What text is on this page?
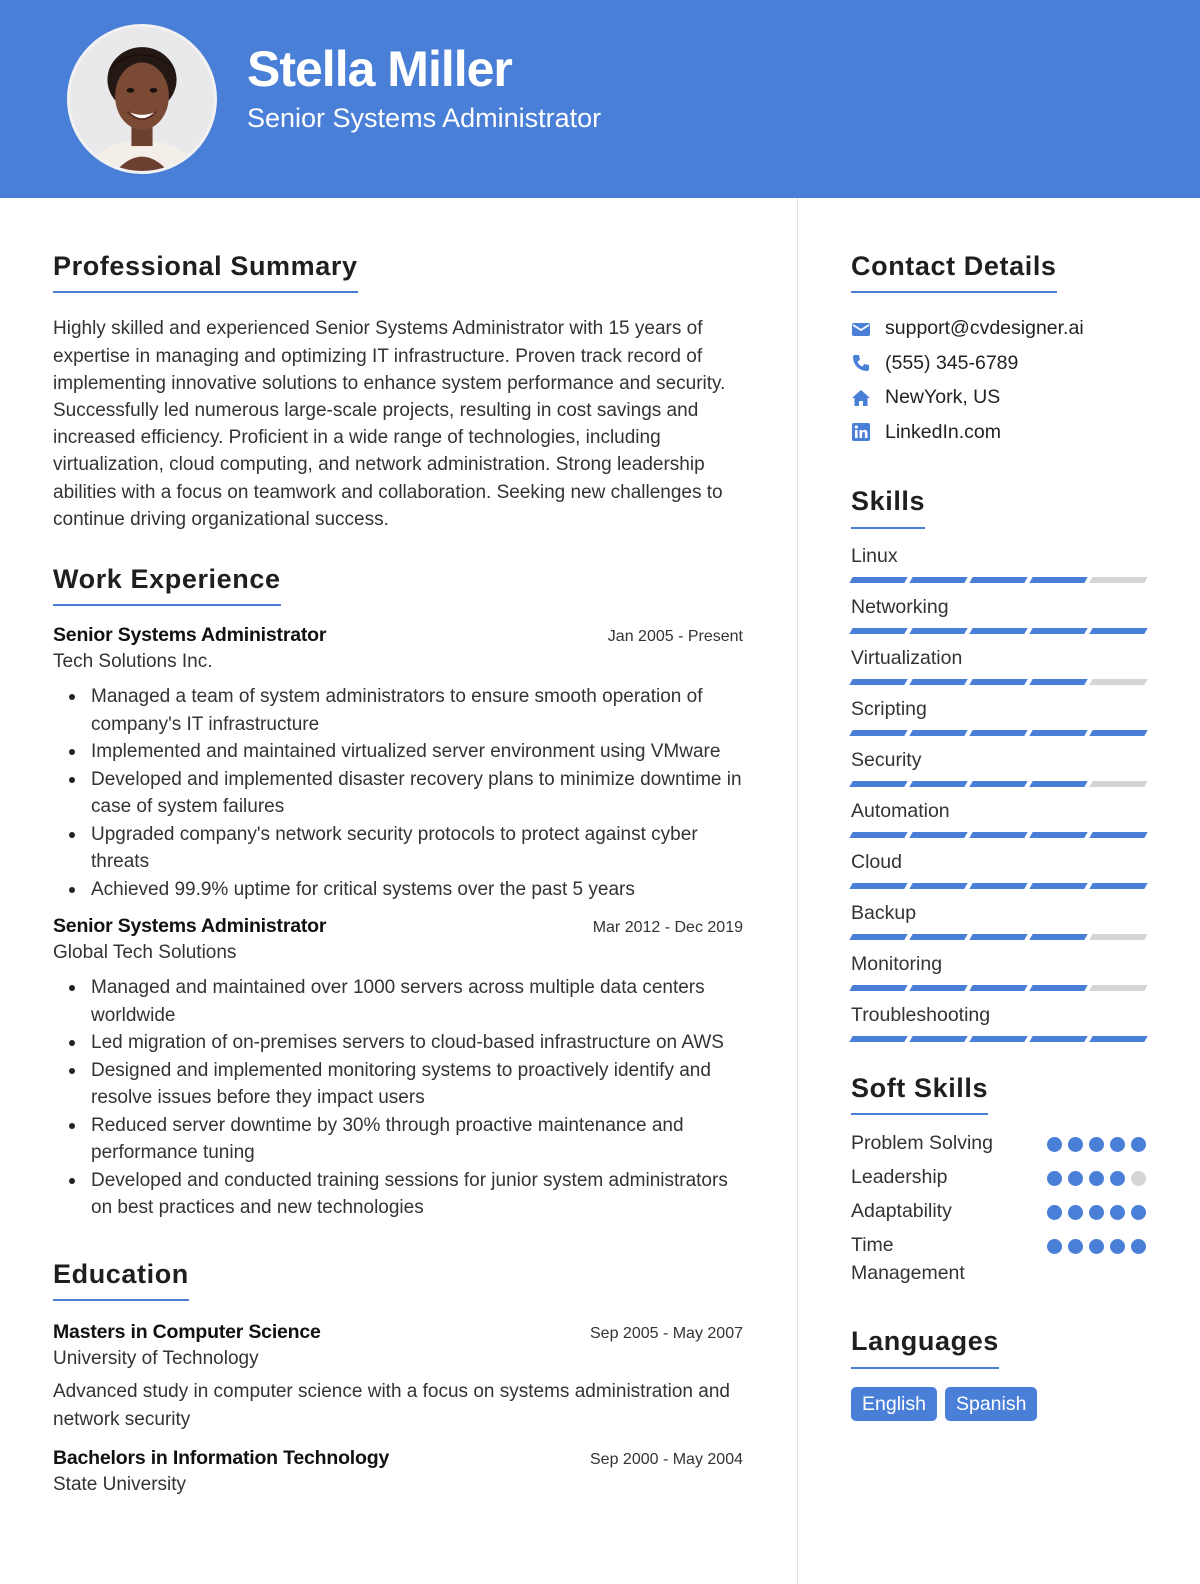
Stella Miller
Senior Systems Administrator
Professional Summary

Highly skilled and experienced Senior Systems Administrator with 15 years of expertise in managing and optimizing IT infrastructure. Proven track record of implementing innovative solutions to enhance system performance and security. Successfully led numerous large-scale projects, resulting in cost savings and increased efficiency. Proficient in a wide range of technologies, including virtualization, cloud computing, and network administration. Strong leadership abilities with a focus on teamwork and collaboration. Seeking new challenges to continue driving organizational success.

Work Experience
Senior Systems Administrator	Jan 2005 - Present
Tech Solutions Inc.
Managed a team of system administrators to ensure smooth operation of company's IT infrastructure
Implemented and maintained virtualized server environment using VMware
Developed and implemented disaster recovery plans to minimize downtime in case of system failures
Upgraded company's network security protocols to protect against cyber threats
Achieved 99.9% uptime for critical systems over the past 5 years
Senior Systems Administrator	Mar 2012 - Dec 2019
Global Tech Solutions
Managed and maintained over 1000 servers across multiple data centers worldwide
Led migration of on-premises servers to cloud-based infrastructure on AWS
Designed and implemented monitoring systems to proactively identify and resolve issues before they impact users
Reduced server downtime by 30% through proactive maintenance and performance tuning
Developed and conducted training sessions for junior system administrators on best practices and new technologies
Education
Masters in Computer Science	Sep 2005 - May 2007
University of Technology

Advanced study in computer science with a focus on systems administration and network security

Bachelors in Information Technology	Sep 2000 - May 2004
State University
Contact Details
support@cvdesigner.ai
(555) 345-6789
NewYork, US
LinkedIn.com
Skills
Linux
Networking
Virtualization
Scripting
Security
Automation
Cloud
Backup
Monitoring
Troubleshooting
Soft Skills
Problem Solving
Leadership
Adaptability
Time Management
Languages
English	Spanish
